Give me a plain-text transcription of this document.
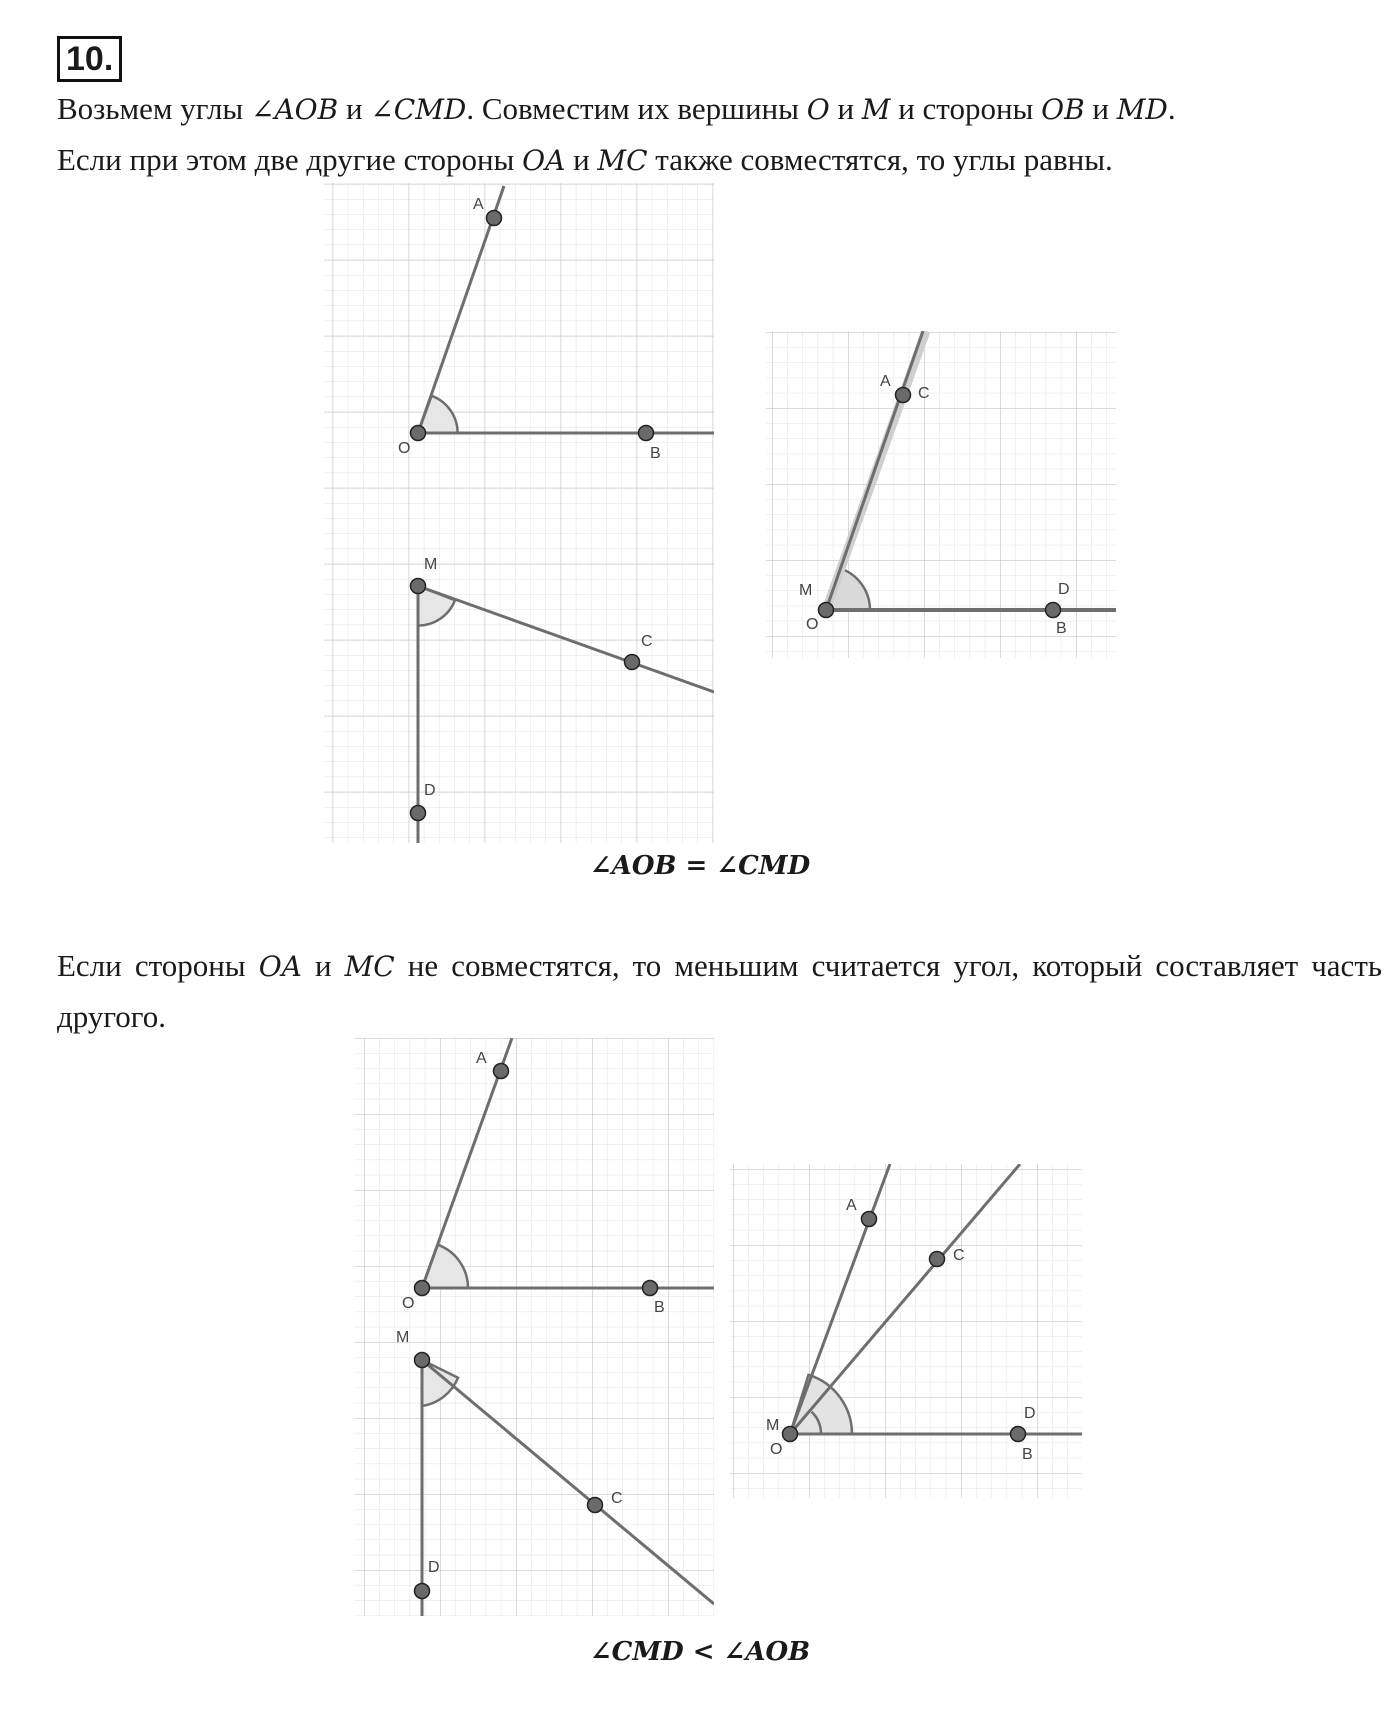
10.

Возьмем углы ∠AOB и ∠CMD. Совместим их вершины O и M и стороны OB и MD.
Если при этом две другие стороны OA и MC также совместятся, то углы равны.

A
O	B
M
C
D
A
C
M
O
D
B
∠AOB = ∠CMD

Если стороны OA и MC не совместятся, то меньшим считается угол, который составляет часть другого.

A
O	B
M
C
D
A
C
M
O
D
B
∠CMD < ∠AOB
